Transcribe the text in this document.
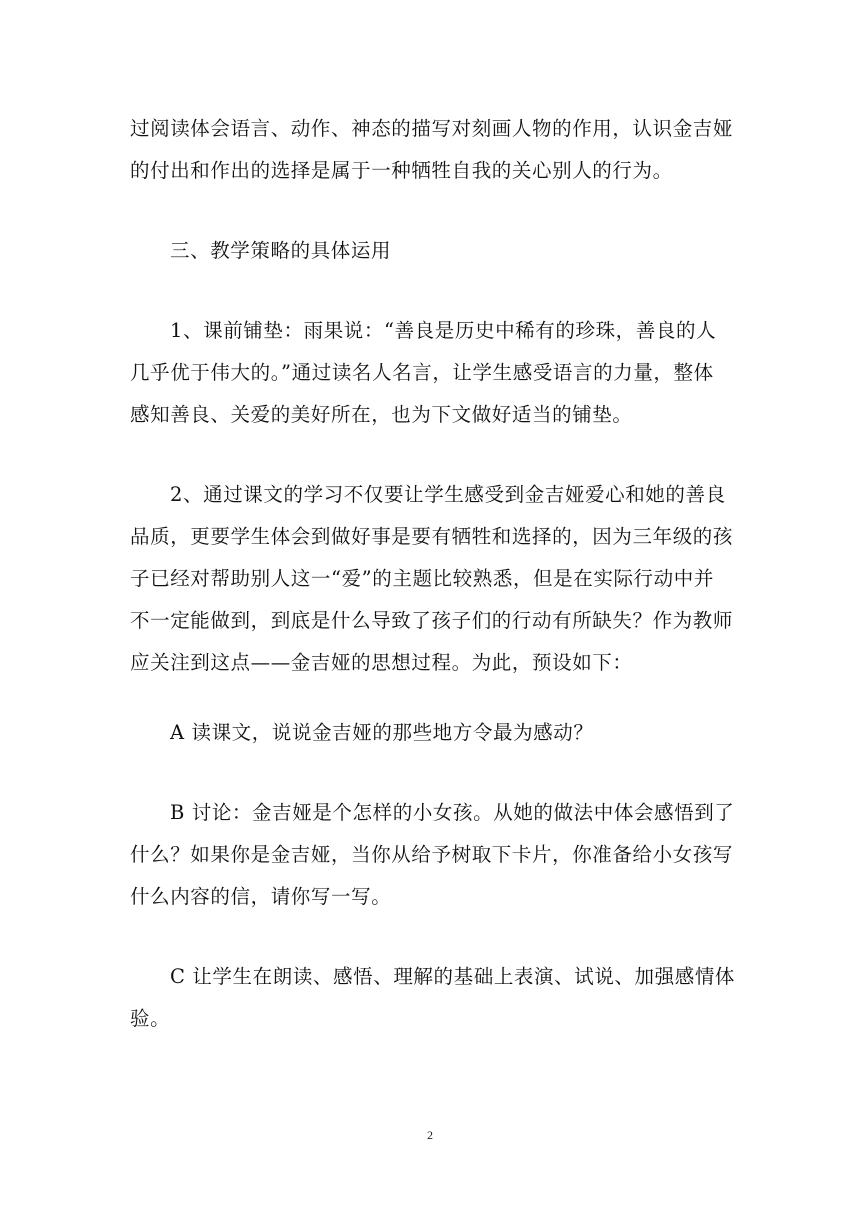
过阅读体会语言、动作、神态的描写对刻画人物的作用，认识金吉娅
的付出和作出的选择是属于一种牺牲自我的关心别人的行为。
三、教学策略的具体运用
1、课前铺垫：雨果说：“善良是历史中稀有的珍珠，善良的人
几乎优于伟大的。”通过读名人名言，让学生感受语言的力量，整体
感知善良、关爱的美好所在，也为下文做好适当的铺垫。
2、通过课文的学习不仅要让学生感受到金吉娅爱心和她的善良
品质，更要学生体会到做好事是要有牺牲和选择的，因为三年级的孩
子已经对帮助别人这一“爱”的主题比较熟悉，但是在实际行动中并
不一定能做到，到底是什么导致了孩子们的行动有所缺失？作为教师
应关注到这点——金吉娅的思想过程。为此，预设如下：
A 读课文，说说金吉娅的那些地方令最为感动？
B 讨论：金吉娅是个怎样的小女孩。从她的做法中体会感悟到了
什么？如果你是金吉娅，当你从给予树取下卡片，你准备给小女孩写
什么内容的信，请你写一写。
C 让学生在朗读、感悟、理解的基础上表演、试说、加强感情体
验。
2
